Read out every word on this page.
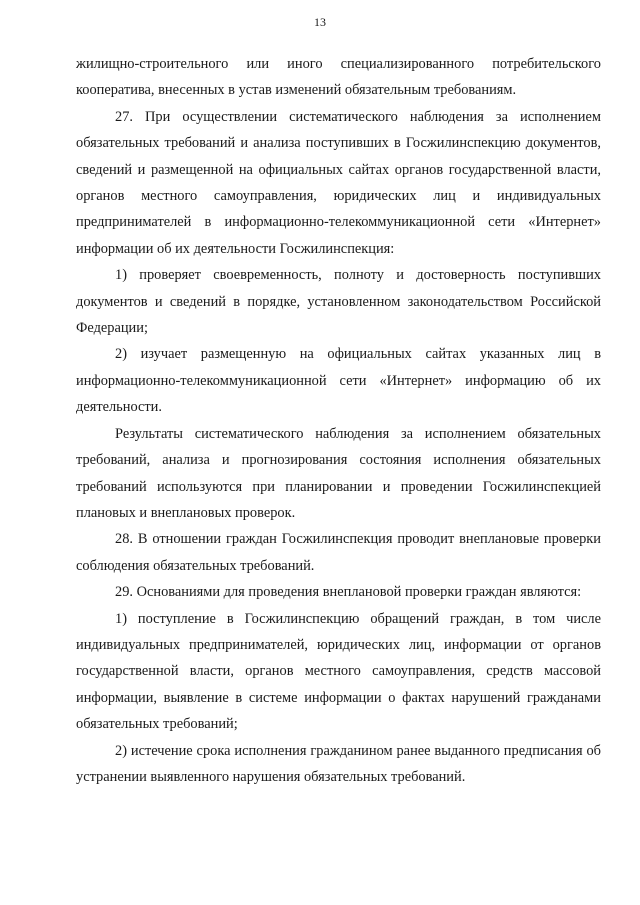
13

жилищно-строительного или иного специализированного потребительского кооператива, внесенных в устав изменений обязательным требованиям.

27. При осуществлении систематического наблюдения за исполнением обязательных требований и анализа поступивших в Госжилинспекцию документов, сведений и размещенной на официальных сайтах органов государственной власти, органов местного самоуправления, юридических лиц и индивидуальных предпринимателей в информационно-телекоммуникационной сети «Интернет» информации об их деятельности Госжилинспекция:

1) проверяет своевременность, полноту и достоверность поступивших документов и сведений в порядке, установленном законодательством Российской Федерации;

2) изучает размещенную на официальных сайтах указанных лиц в информационно-телекоммуникационной сети «Интернет» информацию об их деятельности.

Результаты систематического наблюдения за исполнением обязательных требований, анализа и прогнозирования состояния исполнения обязательных требований используются при планировании и проведении Госжилинспекцией плановых и внеплановых проверок.

28. В отношении граждан Госжилинспекция проводит внеплановые проверки соблюдения обязательных требований.

29. Основаниями для проведения внеплановой проверки граждан являются:

1) поступление в Госжилинспекцию обращений граждан, в том числе индивидуальных предпринимателей, юридических лиц, информации от органов государственной власти, органов местного самоуправления, средств массовой информации, выявление в системе информации о фактах нарушений гражданами обязательных требований;

2) истечение срока исполнения гражданином ранее выданного предписания об устранении выявленного нарушения обязательных требований.
